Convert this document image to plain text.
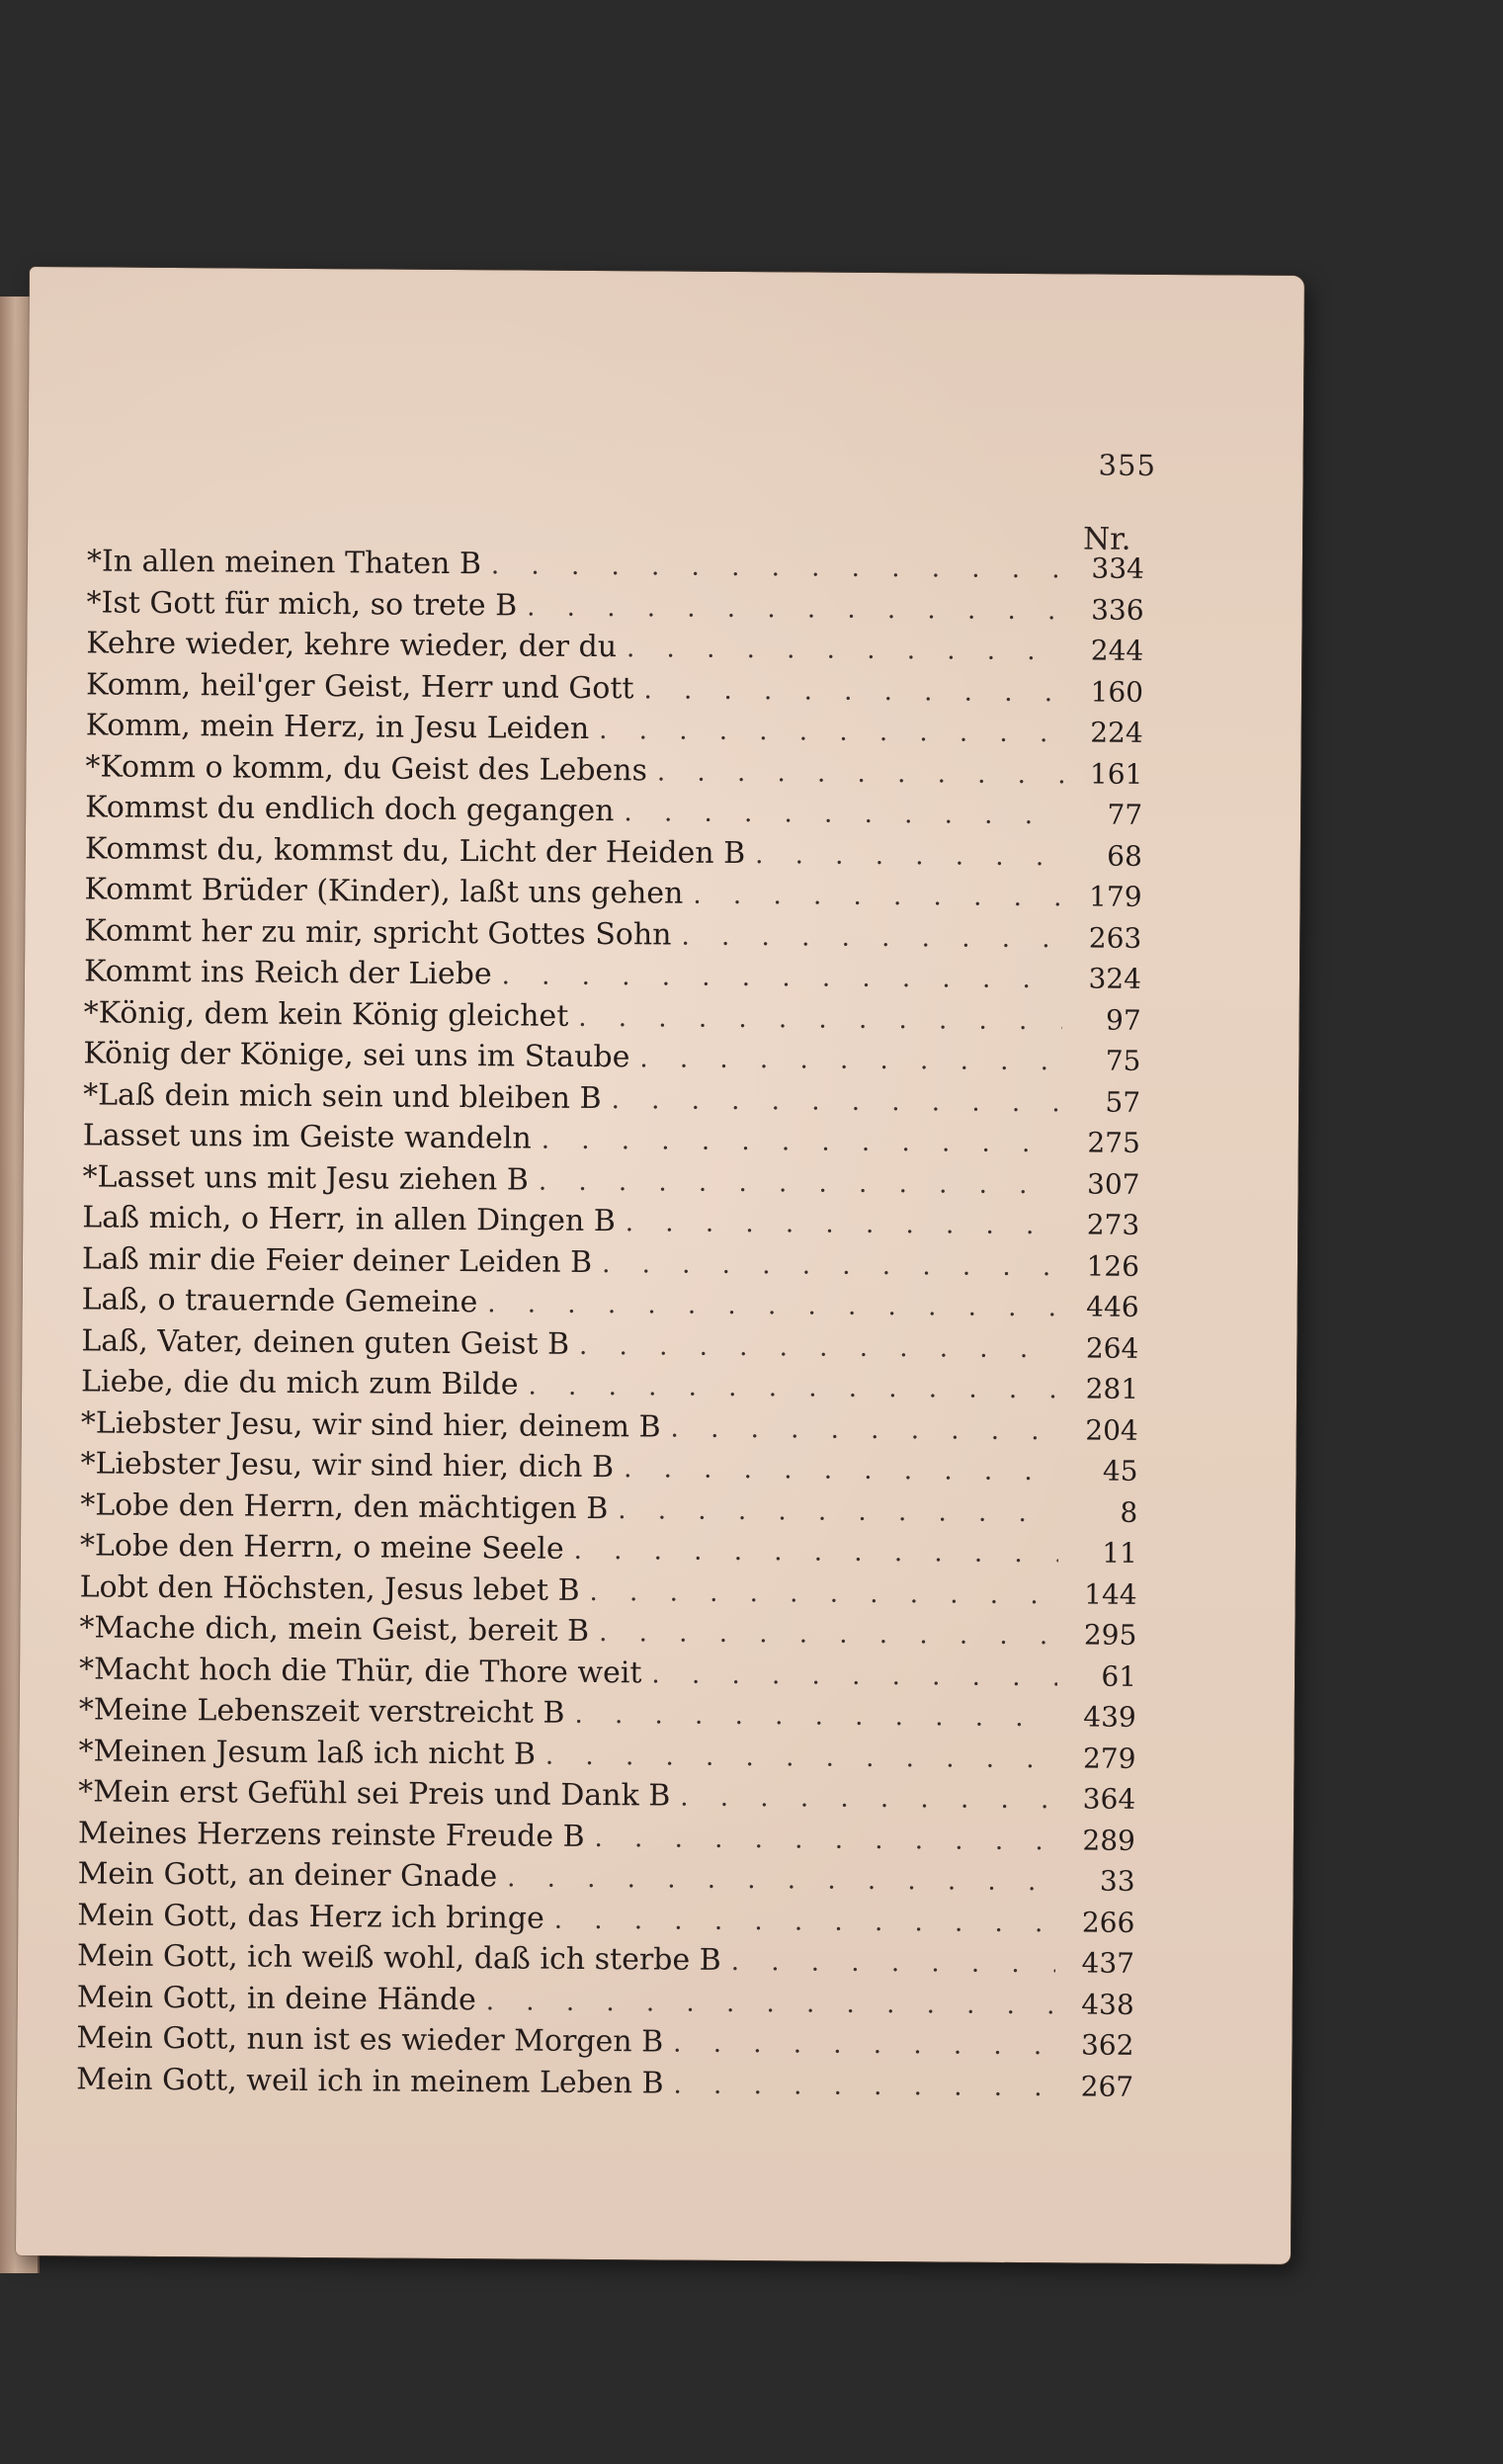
355
Nr.
*In allen meinen Thaten B . . .	334
*Ist Gott für mich, so trete B . . .	336
Kehre wieder, kehre wieder, der du . . .	244
Komm, heil'ger Geist, Herr und Gott . . .	160
Komm, mein Herz, in Jesu Leiden . . .	224
*Komm o komm, du Geist des Lebens . . .	161
Kommst du endlich doch gegangen . . .	77
Kommst du, kommst du, Licht der Heiden B . . .	68
Kommt Brüder (Kinder), laßt uns gehen . . .	179
Kommt her zu mir, spricht Gottes Sohn . . .	263
Kommt ins Reich der Liebe . . .	324
*König, dem kein König gleichet . . .	97
König der Könige, sei uns im Staube . . .	75
*Laß dein mich sein und bleiben B . . .	57
Lasset uns im Geiste wandeln . . .	275
*Lasset uns mit Jesu ziehen B . . .	307
Laß mich, o Herr, in allen Dingen B . . .	273
Laß mir die Feier deiner Leiden B . . .	126
Laß, o trauernde Gemeine . . .	446
Laß, Vater, deinen guten Geist B . . .	264
Liebe, die du mich zum Bilde . . .	281
*Liebster Jesu, wir sind hier, deinem B . . .	204
*Liebster Jesu, wir sind hier, dich B . . .	45
*Lobe den Herrn, den mächtigen B . . .	8
*Lobe den Herrn, o meine Seele . . .	11
Lobt den Höchsten, Jesus lebet B . . .	144
*Mache dich, mein Geist, bereit B . . .	295
*Macht hoch die Thür, die Thore weit . . .	61
*Meine Lebenszeit verstreicht B . . .	439
*Meinen Jesum laß ich nicht B . . .	279
*Mein erst Gefühl sei Preis und Dank B . . .	364
Meines Herzens reinste Freude B . . .	289
Mein Gott, an deiner Gnade . . .	33
Mein Gott, das Herz ich bringe . . .	266
Mein Gott, ich weiß wohl, daß ich sterbe B . . .	437
Mein Gott, in deine Hände . . .	438
Mein Gott, nun ist es wieder Morgen B . . .	362
Mein Gott, weil ich in meinem Leben B . . .	267
